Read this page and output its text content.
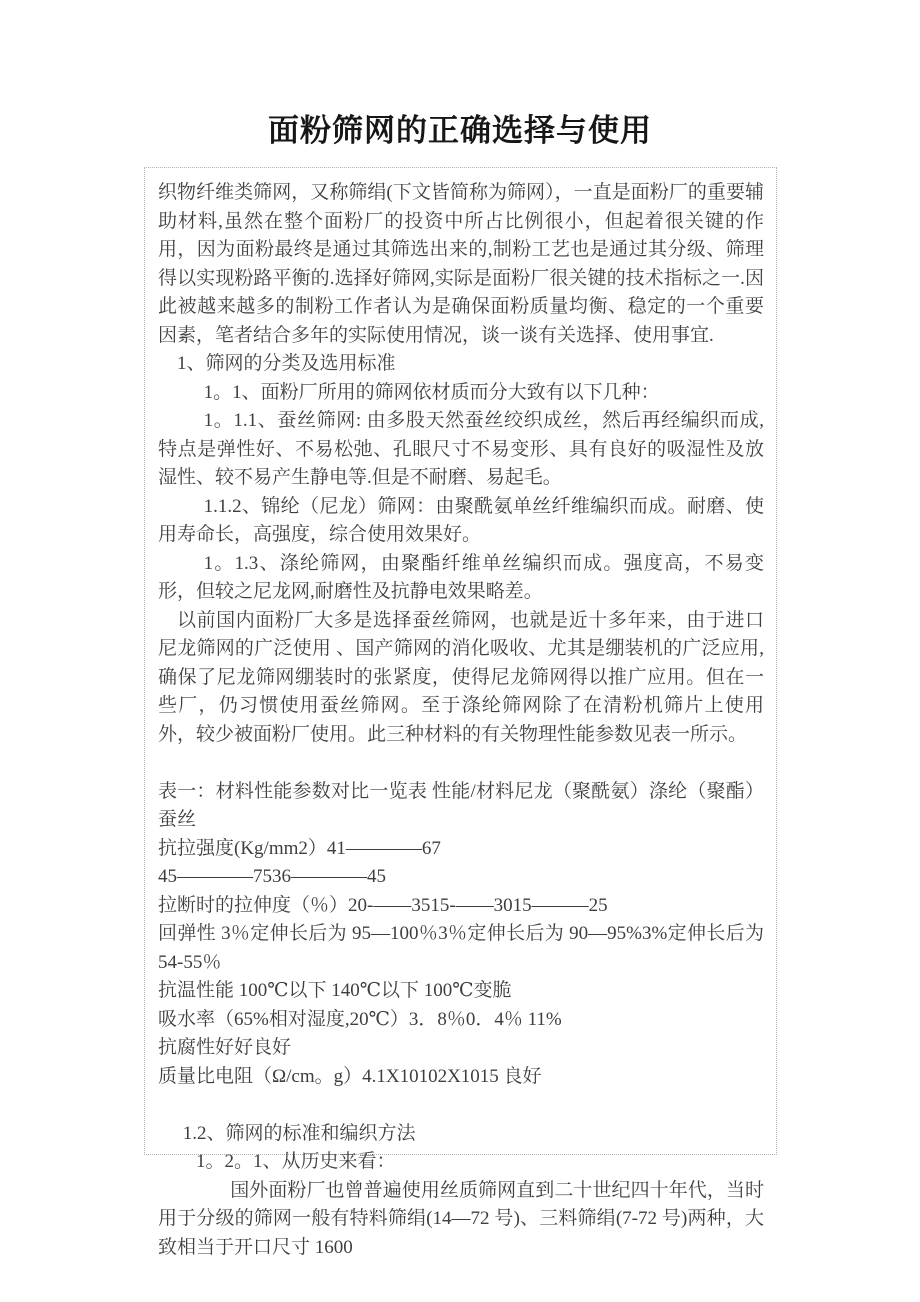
面粉筛网的正确选择与使用

织物纤维类筛网，又称筛绢(下文皆简称为筛网），一直是面粉厂的重要辅助材料,虽然在整个面粉厂的投资中所占比例很小，但起着很关键的作用，因为面粉最终是通过其筛选出来的,制粉工艺也是通过其分级、筛理得以实现粉路平衡的.选择好筛网,实际是面粉厂很关键的技术指标之一.因此被越来越多的制粉工作者认为是确保面粉质量均衡、稳定的一个重要因素，笔者结合多年的实际使用情况，谈一谈有关选择、使用事宜.

1、筛网的分类及选用标准

1。1、面粉厂所用的筛网依材质而分大致有以下几种：

1。1.1、蚕丝筛网: 由多股天然蚕丝绞织成丝，然后再经编织而成,特点是弹性好、不易松弛、孔眼尺寸不易变形、具有良好的吸湿性及放湿性、较不易产生静电等.但是不耐磨、易起毛。

1.1.2、锦纶（尼龙）筛网：由聚酰氨单丝纤维编织而成。耐磨、使用寿命长，高强度，综合使用效果好。

1。1.3、涤纶筛网，由聚酯纤维单丝编织而成。强度高，不易变形，但较之尼龙网,耐磨性及抗静电效果略差。

以前国内面粉厂大多是选择蚕丝筛网，也就是近十多年来，由于进口尼龙筛网的广泛使用 、国产筛网的消化吸收、尤其是绷装机的广泛应用,确保了尼龙筛网绷装时的张紧度，使得尼龙筛网得以推广应用。但在一些厂，仍习惯使用蚕丝筛网。至于涤纶筛网除了在清粉机筛片上使用外，较少被面粉厂使用。此三种材料的有关物理性能参数见表一所示。

表一：材料性能参数对比一览表 性能/材料尼龙（聚酰氨）涤纶（聚酯）蚕丝

抗拉强度(Kg/mm2）41————67

45————7536————45

拉断时的拉伸度（％）20-——3515-——3015———25

回弹性 3％定伸长后为 95—100％3％定伸长后为 90—95%3%定伸长后为 54-55％

抗温性能 100℃以下 140℃以下 100℃变脆

吸水率（65%相对湿度,20℃）3．8％0．4％ 11%

抗腐性好好良好

质量比电阻（Ω/cm。g）4.1X10102X1015 良好

1.2、筛网的标准和编织方法

1。2。1、从历史来看：

国外面粉厂也曾普遍使用丝质筛网直到二十世纪四十年代，当时用于分级的筛网一般有特料筛绢(14—72 号)、三料筛绢(7-72 号)两种，大致相当于开口尺寸 1600
